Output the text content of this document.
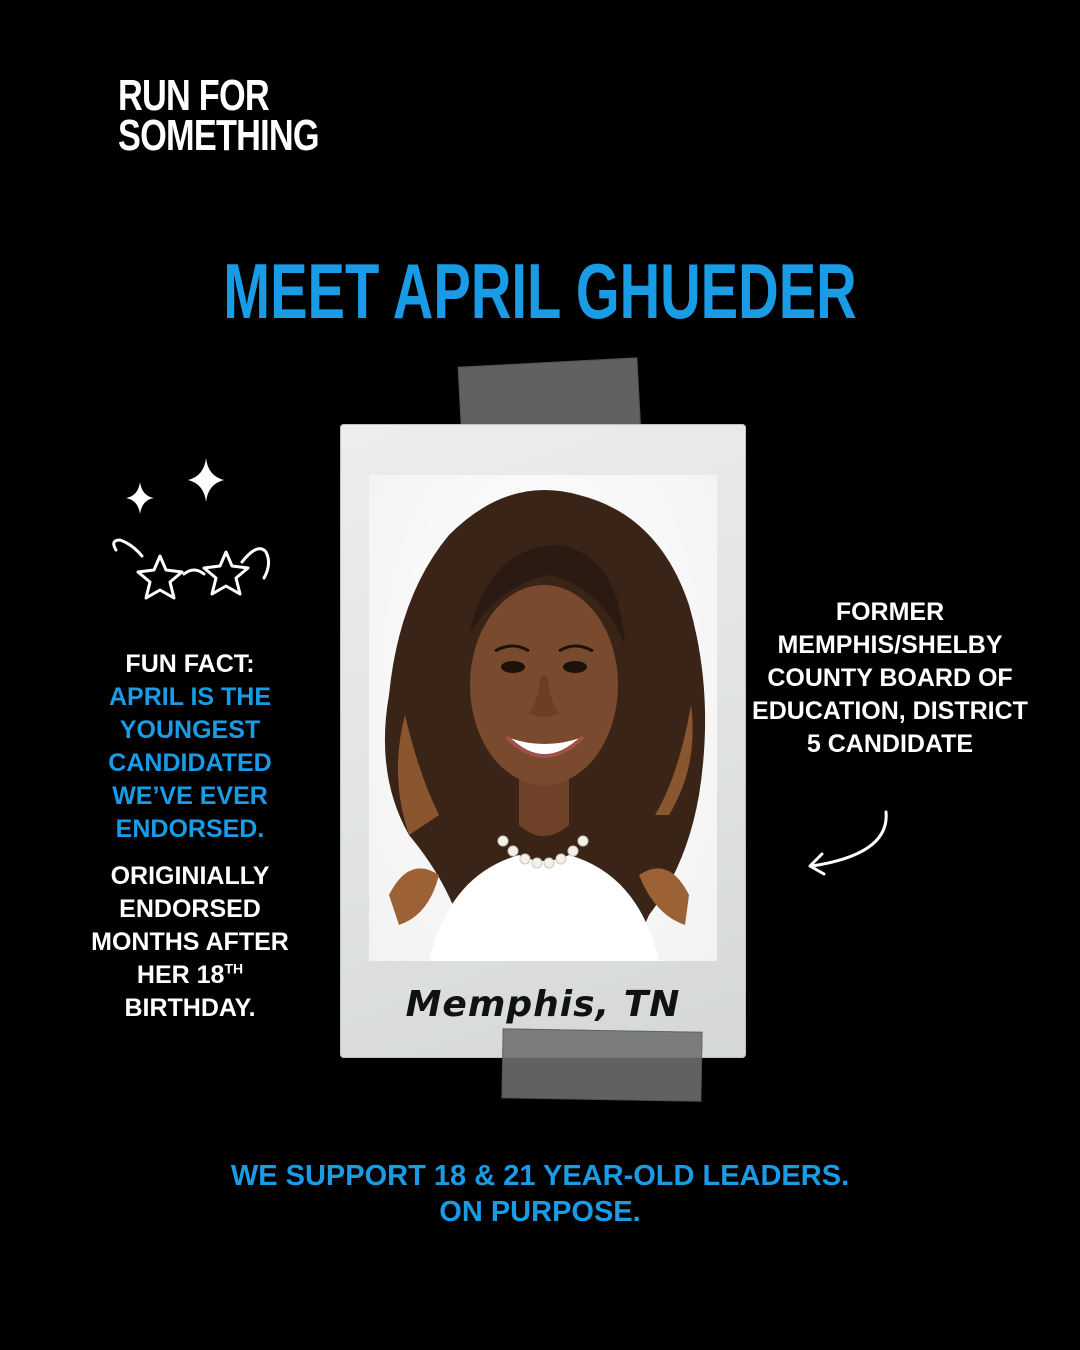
RUN FOR
SOMETHING
MEET APRIL GHUEDER
FUN FACT:
APRIL IS THE YOUNGEST CANDIDATED WE’VE EVER ENDORSED.
ORIGINIALLY ENDORSED MONTHS AFTER HER 18TH BIRTHDAY.
FORMER MEMPHIS/SHELBY COUNTY BOARD OF EDUCATION, DISTRICT 5 CANDIDATE
Memphis, TN
WE SUPPORT 18 & 21 YEAR-OLD LEADERS.
ON PURPOSE.
